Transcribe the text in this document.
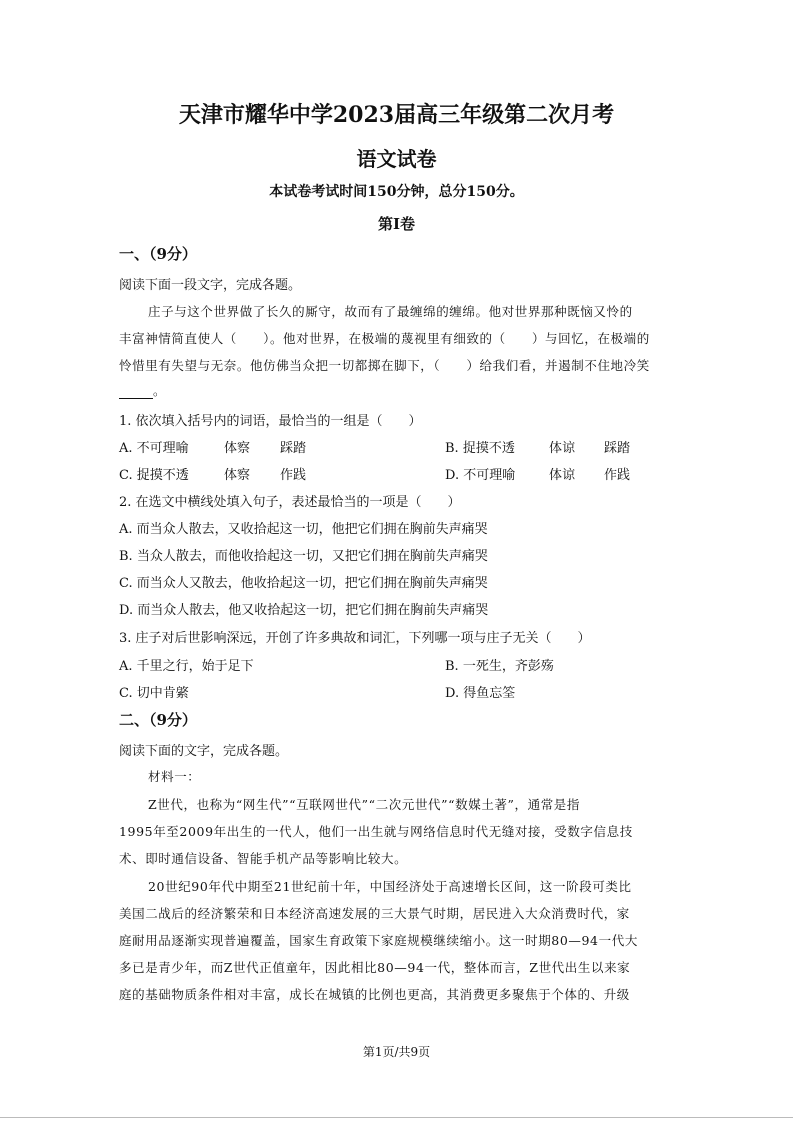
天津市耀华中学2023届高三年级第二次月考
语文试卷
本试卷考试时间150分钟，总分150分。
第Ⅰ卷
一、（9分）
阅读下面一段文字，完成各题。
庄子与这个世界做了长久的厮守，故而有了最缠绵的缠绵。他对世界那种既恼又怜的
丰富神情简直使人（　　）。他对世界，在极端的蔑视里有细致的（　　）与回忆，在极端的
怜惜里有失望与无奈。他仿佛当众把一切都掷在脚下，（　　）给我们看，并遏制不住地冷笑
。
1. 依次填入括号内的词语，最恰当的一组是（　　）
A. 不可理喻	体察 踩踏	B. 捉摸不透	体谅 踩踏
C. 捉摸不透	体察 作践	D. 不可理喻	体谅 作践
2. 在选文中横线处填入句子，表述最恰当的一项是（　　）
A. 而当众人散去，又收拾起这一切，他把它们拥在胸前失声痛哭
B. 当众人散去，而他收拾起这一切，又把它们拥在胸前失声痛哭
C. 而当众人又散去，他收拾起这一切，把它们拥在胸前失声痛哭
D. 而当众人散去，他又收拾起这一切，把它们拥在胸前失声痛哭
3. 庄子对后世影响深远，开创了许多典故和词汇，下列哪一项与庄子无关（　　）
A. 千里之行，始于足下	B. 一死生，齐彭殇
C. 切中肯綮	D. 得鱼忘筌
二、（9分）
阅读下面的文字，完成各题。
材料一：
Z世代，也称为“网生代”“互联网世代”“二次元世代”“数媒土著”，通常是指
1995年至2009年出生的一代人，他们一出生就与网络信息时代无缝对接，受数字信息技
术、即时通信设备、智能手机产品等影响比较大。
20世纪90年代中期至21世纪前十年，中国经济处于高速增长区间，这一阶段可类比
美国二战后的经济繁荣和日本经济高速发展的三大景气时期，居民进入大众消费时代，家
庭耐用品逐渐实现普遍覆盖，国家生育政策下家庭规模继续缩小。这一时期80—94一代大
多已是青少年，而Z世代正值童年，因此相比80—94一代，整体而言，Z世代出生以来家
庭的基础物质条件相对丰富，成长在城镇的比例也更高，其消费更多聚焦于个体的、升级
第1页/共9页
